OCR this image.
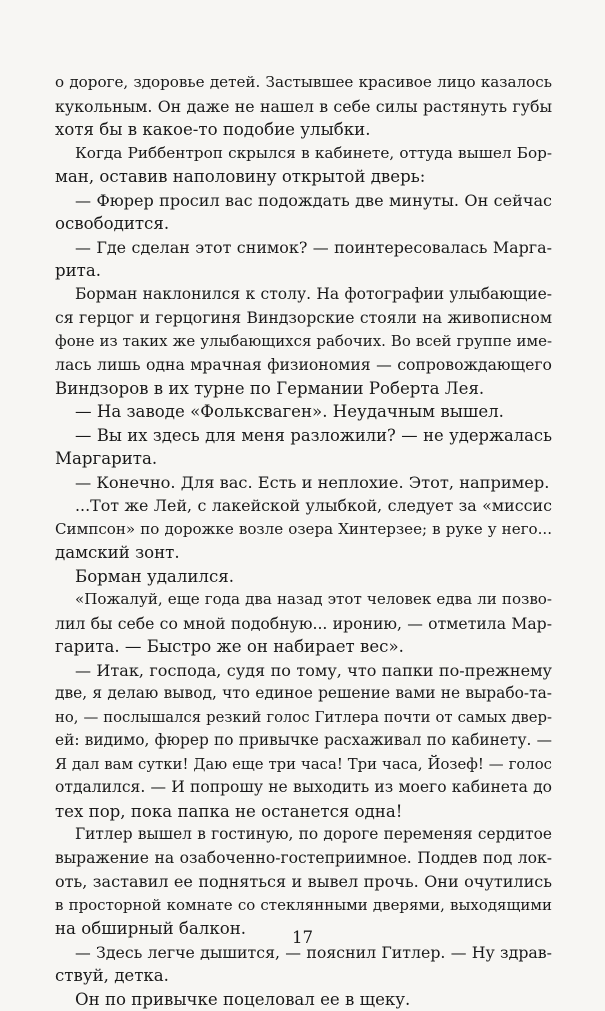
о дороге, здоровье детей. Застывшее красивое лицо казалось
кукольным. Он даже не нашел в себе силы растянуть губы
хотя бы в какое-то подобие улыбки.
Когда Риббентроп скрылся в кабинете, оттуда вышел Бор-
ман, оставив наполовину открытой дверь:
— Фюрер просил вас подождать две минуты. Он сейчас
освободится.
— Где сделан этот снимок? — поинтересовалась Марга-
рита.
Борман наклонился к столу. На фотографии улыбающие-
ся герцог и герцогиня Виндзорские стояли на живописном
фоне из таких же улыбающихся рабочих. Во всей группе име-
лась лишь одна мрачная физиономия — сопровождающего
Виндзоров в их турне по Германии Роберта Лея.
— На заводе «Фольксваген». Неудачным вышел.
— Вы их здесь для меня разложили? — не удержалась
Маргарита.
— Конечно. Для вас. Есть и неплохие. Этот, например.
...Тот же Лей, с лакейской улыбкой, следует за «миссис
Симпсон» по дорожке возле озера Хинтерзее; в руке у него...
дамский зонт.
Борман удалился.
«Пожалуй, еще года два назад этот человек едва ли позво-
лил бы себе со мной подобную... иронию, — отметила Мар-
гарита. — Быстро же он набирает вес».
— Итак, господа, судя по тому, что папки по-прежнему
две, я делаю вывод, что единое решение вами не вырабо-та-
но, — послышался резкий голос Гитлера почти от самых двер-
ей: видимо, фюрер по привычке расхаживал по кабинету. —
Я дал вам сутки! Даю еще три часа! Три часа, Йозеф! — голос
отдалился. — И попрошу не выходить из моего кабинета до
тех пор, пока папка не останется одна!
Гитлер вышел в гостиную, по дороге переменяя сердитое
выражение на озабоченно-гостеприимное. Поддев под лок-
оть, заставил ее подняться и вывел прочь. Они очутились
в просторной комнате со стеклянными дверями, выходящими
на обширный балкон.
— Здесь легче дышится, — пояснил Гитлер. — Ну здрав-
ствуй, детка.
Он по привычке поцеловал ее в щеку.
17
